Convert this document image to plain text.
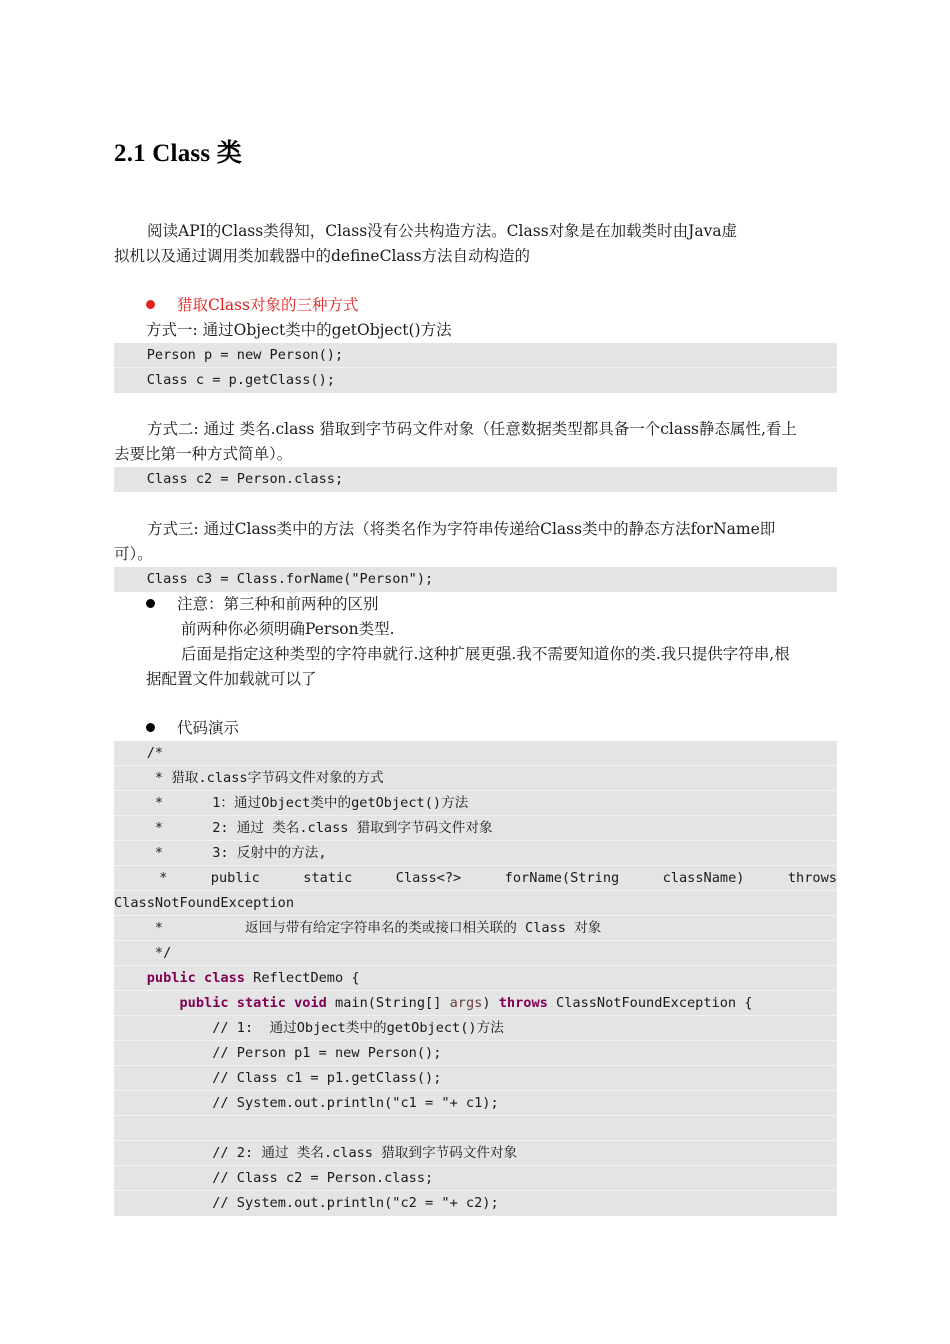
2.1 Class 类
阅读API的Class类得知，Class没有公共构造方法。Class对象是在加载类时由Java虚
拟机以及通过调用类加载器中的defineClass方法自动构造的
猎取Class对象的三种方式
方式一: 通过Object类中的getObject()方法
Person p = new Person();
Class c = p.getClass();
方式二: 通过 类名.class 猎取到字节码文件对象（任意数据类型都具备一个class静态属性,看上
去要比第一种方式简单）。
Class c2 = Person.class;
方式三: 通过Class类中的方法（将类名作为字符串传递给Class类中的静态方法forName即
可）。
Class c3 = Class.forName("Person");
注意：第三种和前两种的区别
前两种你必须明确Person类型.
后面是指定这种类型的字符串就行.这种扩展更强.我不需要知道你的类.我只提供字符串,根
据配置文件加载就可以了
代码演示
/*
* 猎取.class字节码文件对象的方式
*      1：通过Object类中的getObject()方法
*      2: 通过 类名.class 猎取到字节码文件对象
*      3: 反射中的方法,
*	public	static	Class<?>	forName(String	className)	throws
ClassNotFoundException
*          返回与带有给定字符串名的类或接口相关联的 Class 对象
*/
public class ReflectDemo {
public static void main(String[] args) throws ClassNotFoundException {
// 1:  通过Object类中的getObject()方法
// Person p1 = new Person();
// Class c1 = p1.getClass();
// System.out.println("c1 = "+ c1);

// 2: 通过 类名.class 猎取到字节码文件对象
// Class c2 = Person.class;
// System.out.println("c2 = "+ c2);
